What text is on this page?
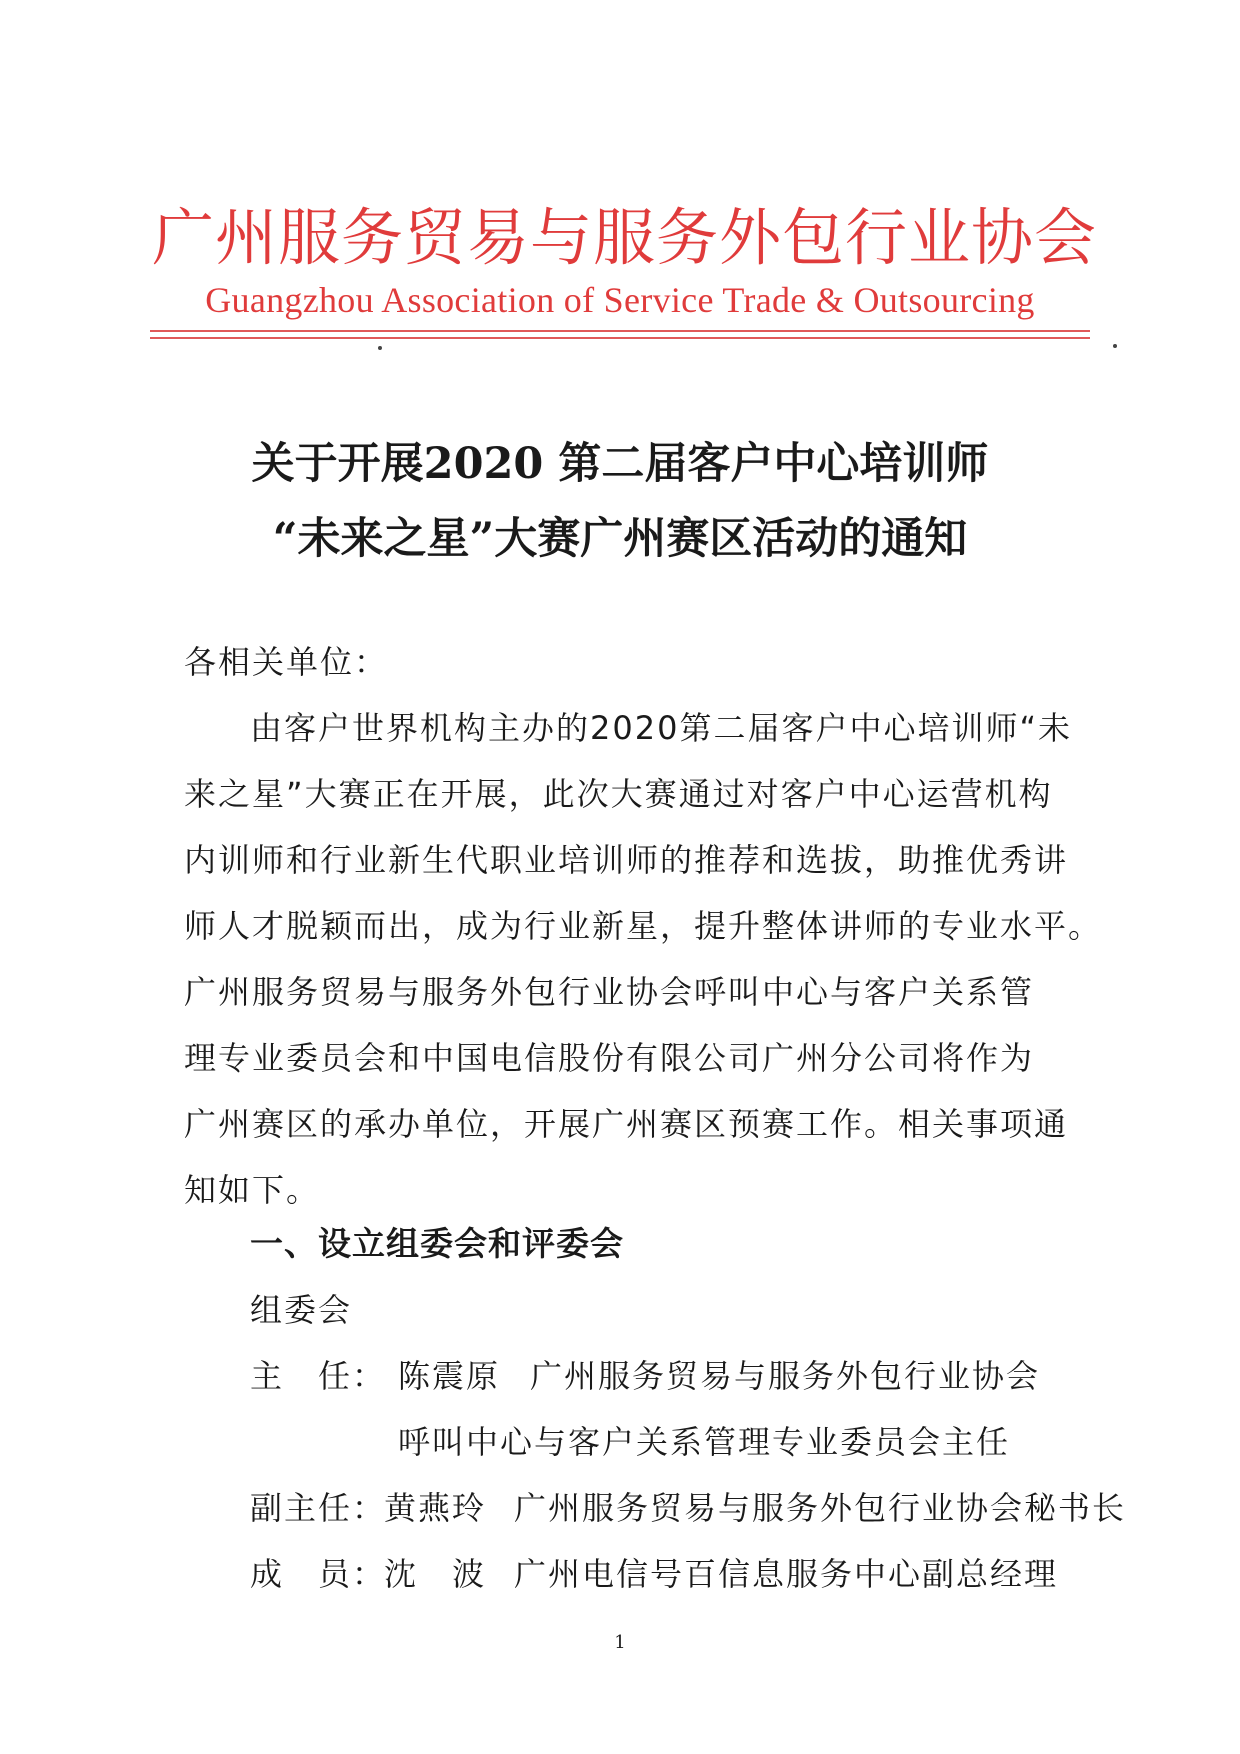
广州服务贸易与服务外包行业协会
Guangzhou Association of Service Trade & Outsourcing
关于开展2020 第二届客户中心培训师
“未来之星”大赛广州赛区活动的通知
各相关单位：
由客户世界机构主办的2020第二届客户中心培训师“未
来之星”大赛正在开展，此次大赛通过对客户中心运营机构
内训师和行业新生代职业培训师的推荐和选拔，助推优秀讲
师人才脱颖而出，成为行业新星，提升整体讲师的专业水平。
广州服务贸易与服务外包行业协会呼叫中心与客户关系管
理专业委员会和中国电信股份有限公司广州分公司将作为
广州赛区的承办单位，开展广州赛区预赛工作。相关事项通
知如下。
一、设立组委会和评委会
组委会
主　任： 陈震原 广州服务贸易与服务外包行业协会
呼叫中心与客户关系管理专业委员会主任
副主任：
黄燕玲 广州服务贸易与服务外包行业协会秘书长
成　员：
沈　波 广州电信号百信息服务中心副总经理
1
